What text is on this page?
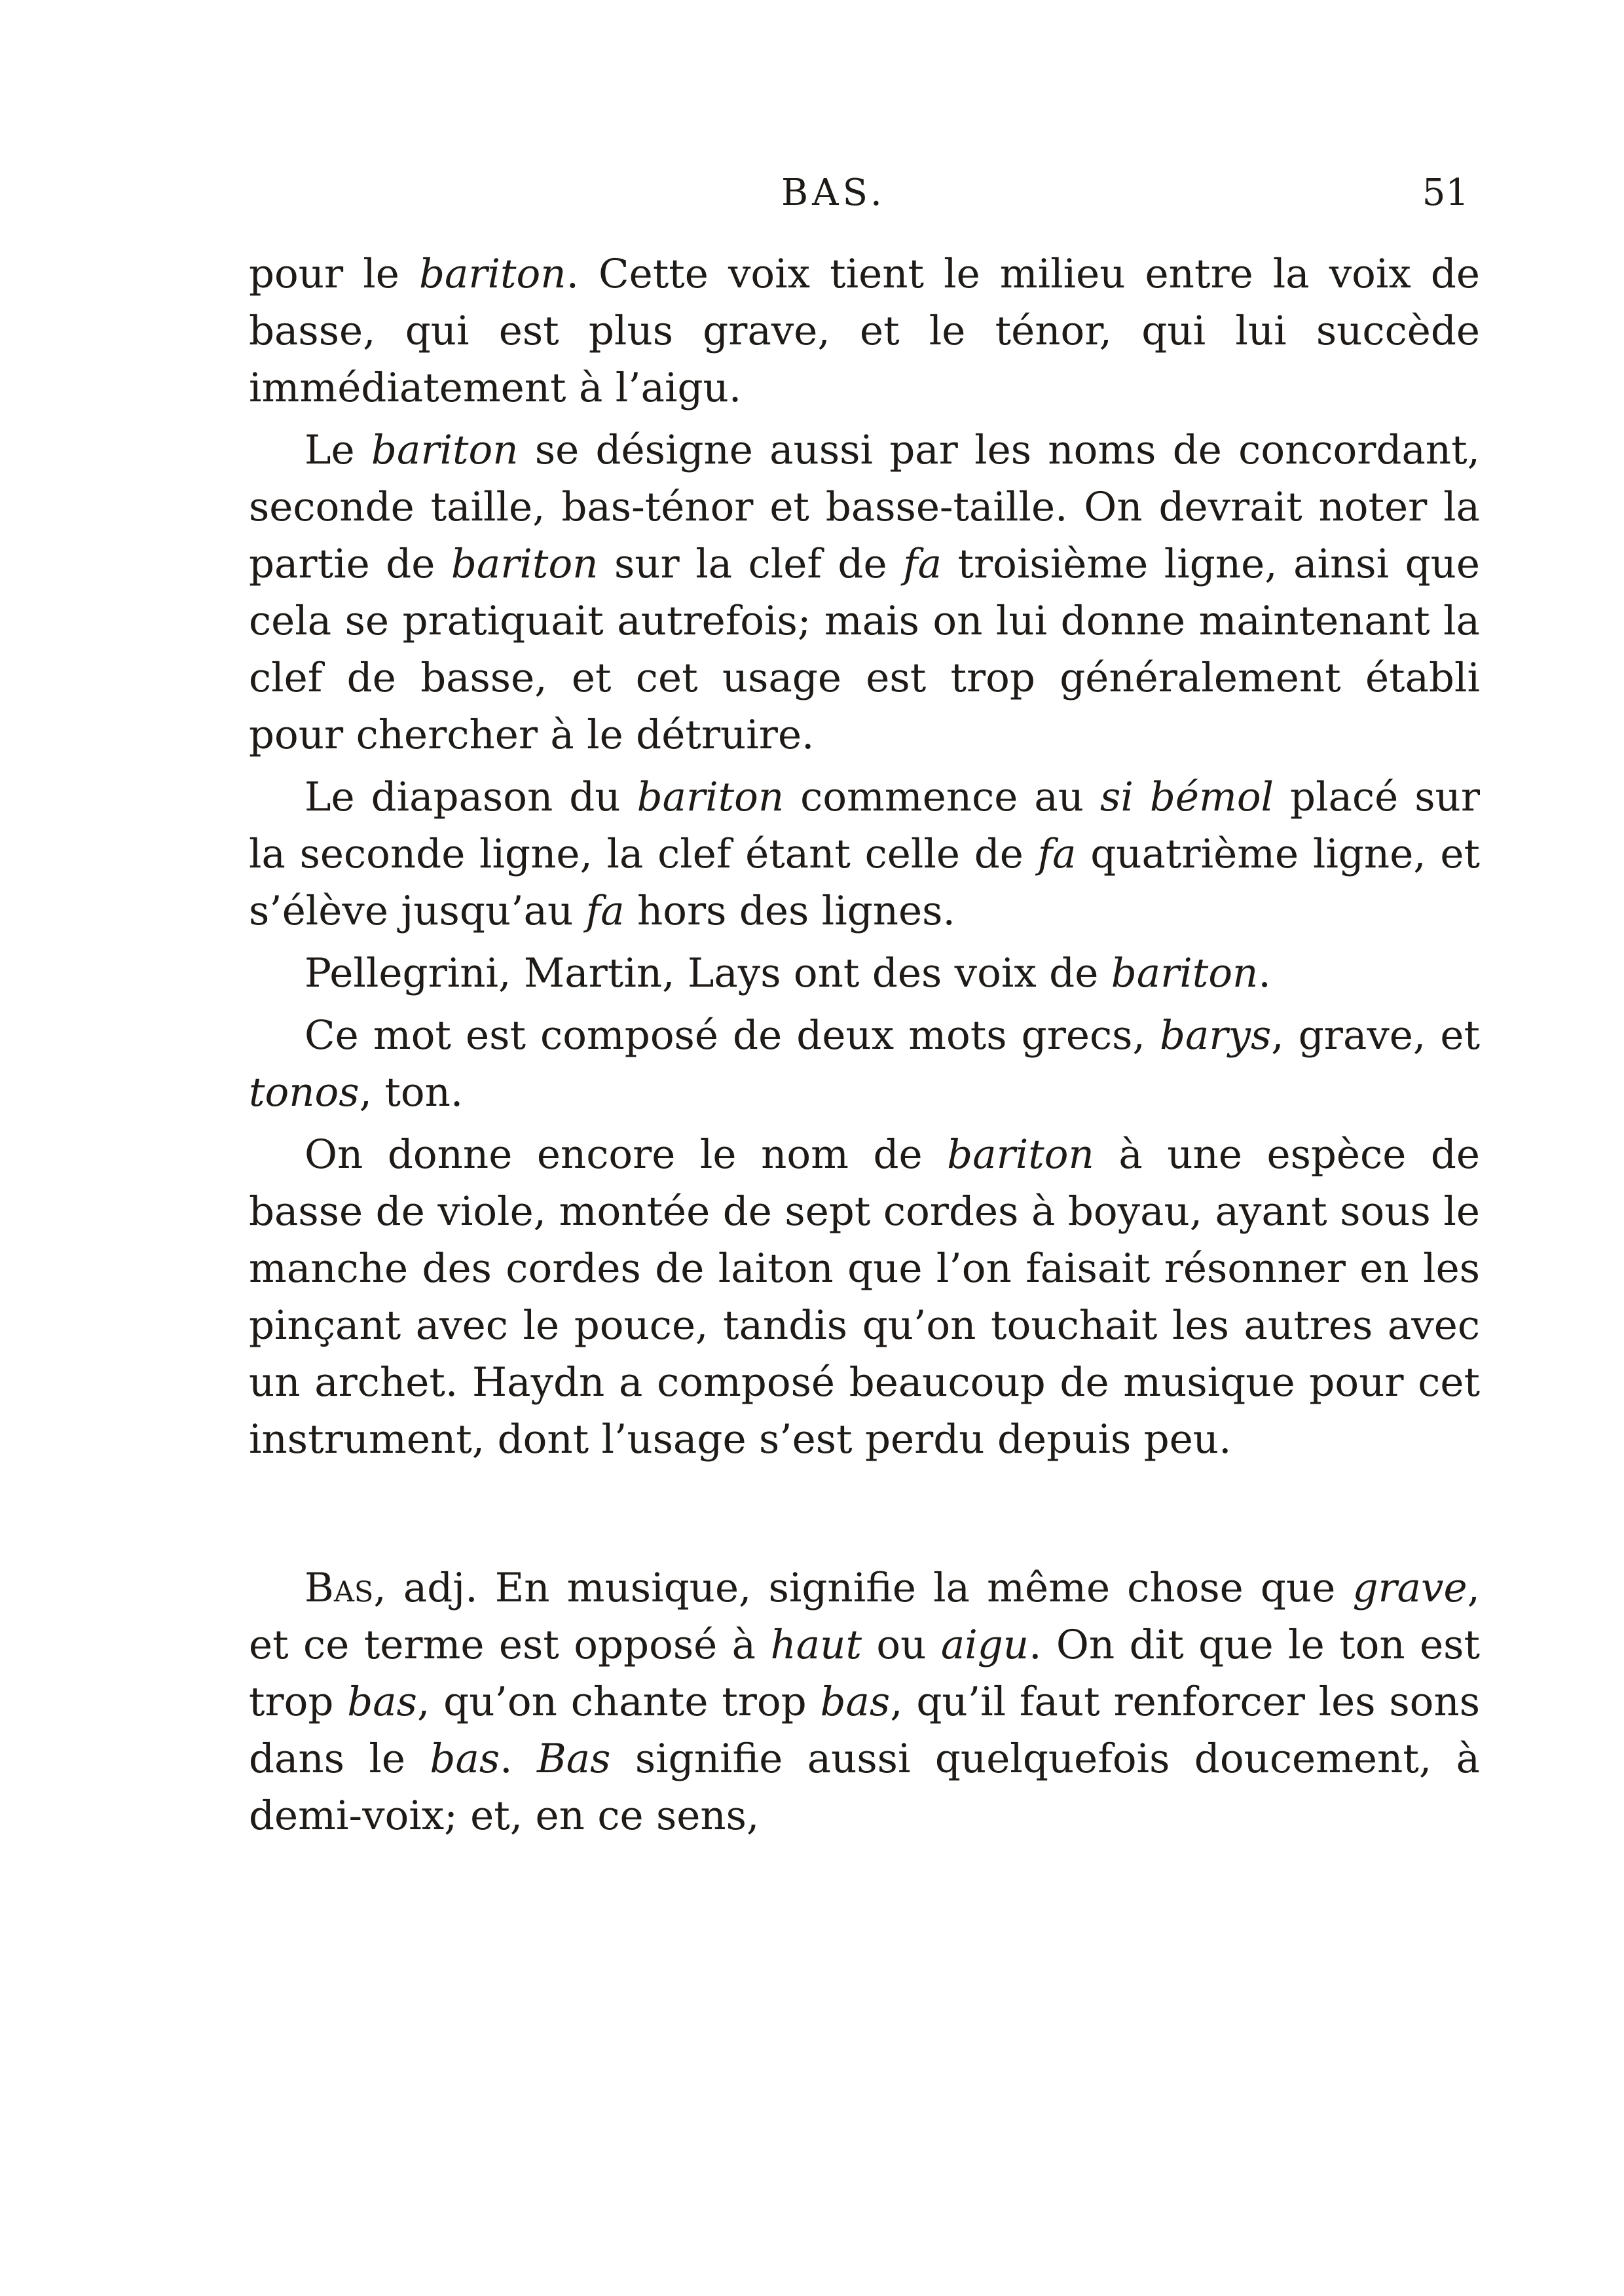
BAS.	51

pour le bariton. Cette voix tient le milieu entre la voix de basse, qui est plus grave, et le ténor, qui lui succède immédiatement à l’aigu.

Le bariton se désigne aussi par les noms de concordant, seconde taille, bas-ténor et basse-taille. On devrait noter la partie de bariton sur la clef de fa troisième ligne, ainsi que cela se pratiquait autrefois; mais on lui donne maintenant la clef de basse, et cet usage est trop généralement établi pour chercher à le détruire.

Le diapason du bariton commence au si bémol placé sur la seconde ligne, la clef étant celle de fa quatrième ligne, et s’élève jusqu’au fa hors des lignes.

Pellegrini, Martin, Lays ont des voix de bariton.

Ce mot est composé de deux mots grecs, barys, grave, et tonos, ton.

On donne encore le nom de bariton à une espèce de basse de viole, montée de sept cordes à boyau, ayant sous le manche des cordes de laiton que l’on faisait résonner en les pinçant avec le pouce, tandis qu’on touchait les autres avec un archet. Haydn a composé beaucoup de musique pour cet instrument, dont l’usage s’est perdu depuis peu.

Bas, adj. En musique, signifie la même chose que grave, et ce terme est opposé à haut ou aigu. On dit que le ton est trop bas, qu’on chante trop bas, qu’il faut renforcer les sons dans le bas. Bas signifie aussi quelquefois doucement, à demi-voix; et, en ce sens,
